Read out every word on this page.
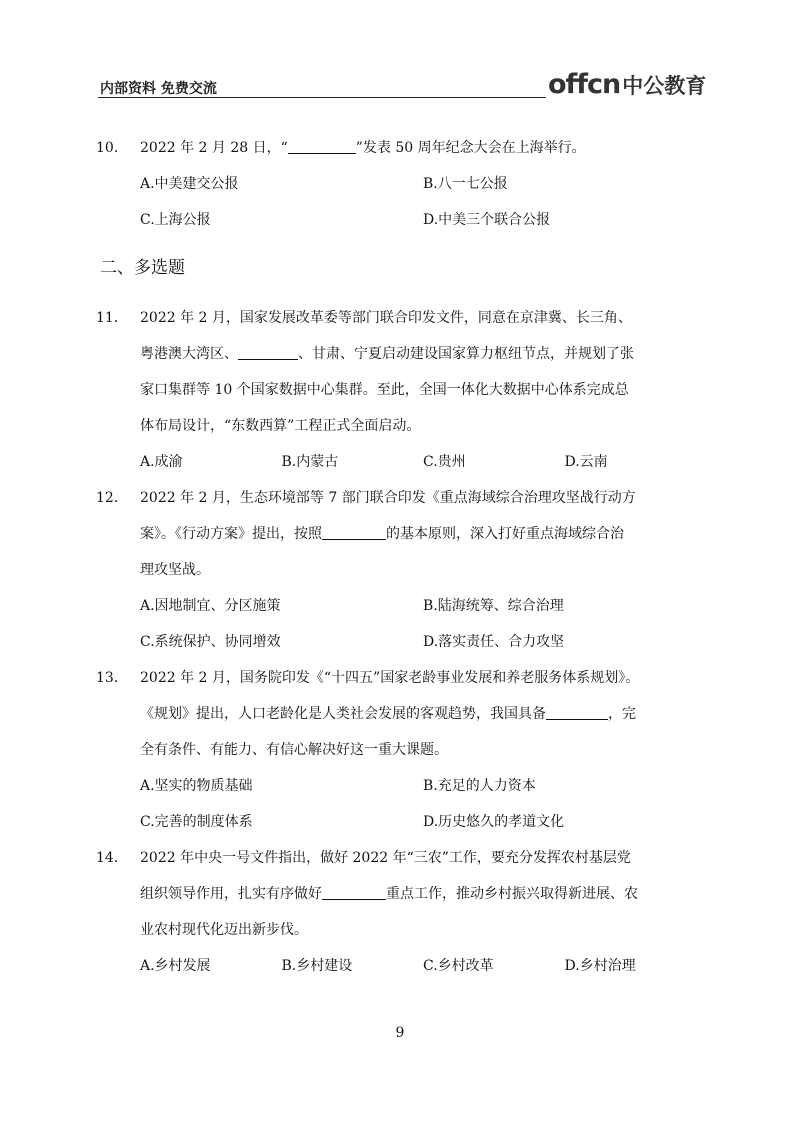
内部资料 免费交流	offcn 中公教育
10． 2022 年 2 月 28 日，“	”发表 50 周年纪念大会在上海举行。
A.中美建交公报	B.八一七公报
C.上海公报	D.中美三个联合公报
二、多选题
11． 2022 年 2 月，国家发展改革委等部门联合印发文件，同意在京津冀、长三角、
粤港澳大湾区、	、甘肃、宁夏启动建设国家算力枢纽节点，并规划了张
家口集群等 10 个国家数据中心集群。至此，全国一体化大数据中心体系完成总
体布局设计，“东数西算”工程正式全面启动。
A.成渝	B.内蒙古	C.贵州	D.云南
12． 2022 年 2 月，生态环境部等 7 部门联合印发《重点海域综合治理攻坚战行动方
案》。《行动方案》提出，按照	的基本原则，深入打好重点海域综合治
理攻坚战。
A.因地制宜、分区施策	B.陆海统筹、综合治理
C.系统保护、协同增效	D.落实责任、合力攻坚
13． 2022 年 2 月，国务院印发《“十四五”国家老龄事业发展和养老服务体系规划》。
《规划》提出，人口老龄化是人类社会发展的客观趋势，我国具备	，完
全有条件、有能力、有信心解决好这一重大课题。
A.坚实的物质基础	B.充足的人力资本
C.完善的制度体系	D.历史悠久的孝道文化
14． 2022 年中央一号文件指出，做好 2022 年“三农”工作，要充分发挥农村基层党
组织领导作用，扎实有序做好	重点工作，推动乡村振兴取得新进展、农
业农村现代化迈出新步伐。
A.乡村发展	B.乡村建设	C.乡村改革	D.乡村治理
9
